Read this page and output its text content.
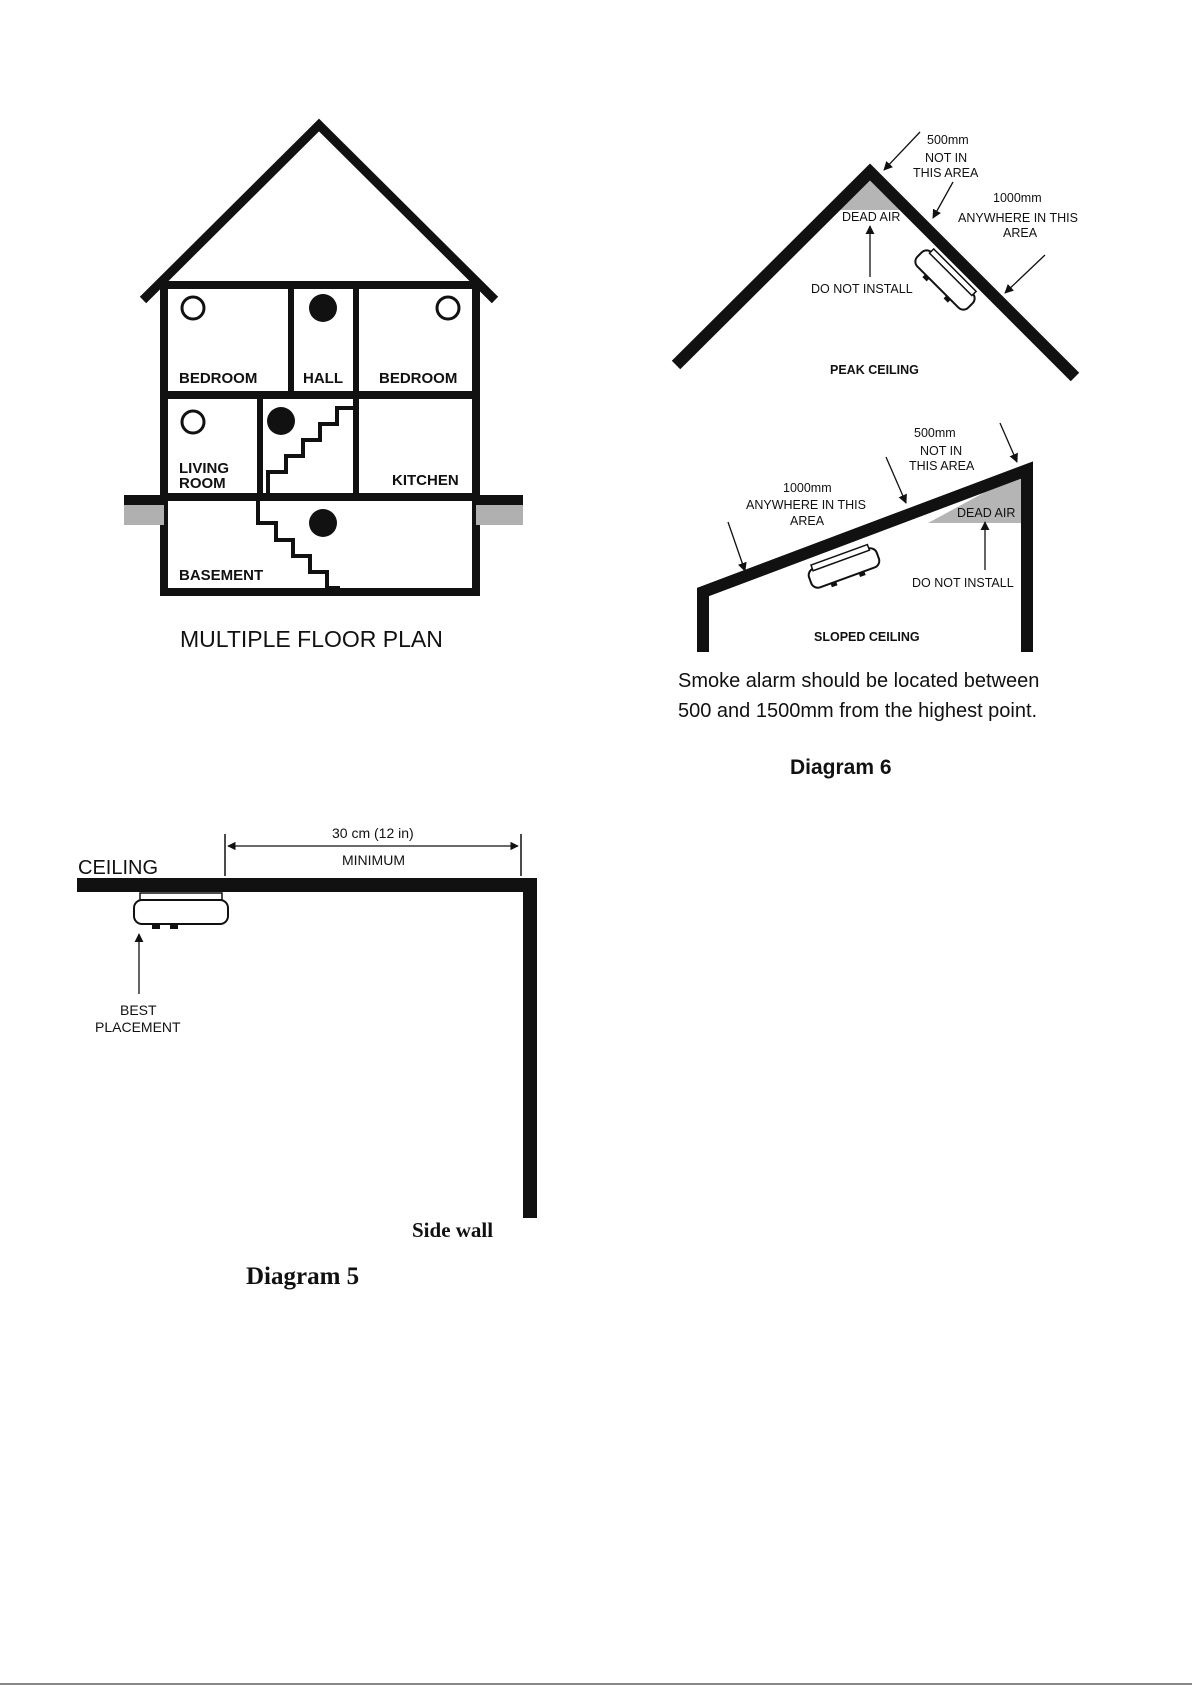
BEDROOM	HALL BEDROOM
LIVING
ROOM	KITCHEN
BASEMENT
MULTIPLE FLOOR PLAN
DEAD AIR
DO NOT INSTALL
500mm
NOT IN
THIS AREA
1000mm
ANYWHERE IN THIS
AREA
PEAK CEILING
500mm
NOT IN
THIS AREA
1000mm
ANYWHERE IN THIS
AREA
DEAD AIR
DO NOT INSTALL
SLOPED CEILING
Smoke alarm should be located between
500 and 1500mm from the highest point.
Diagram 6
30 cm (12 in)
MINIMUM
CEILING
BEST
PLACEMENT
Side wall
Diagram 5
